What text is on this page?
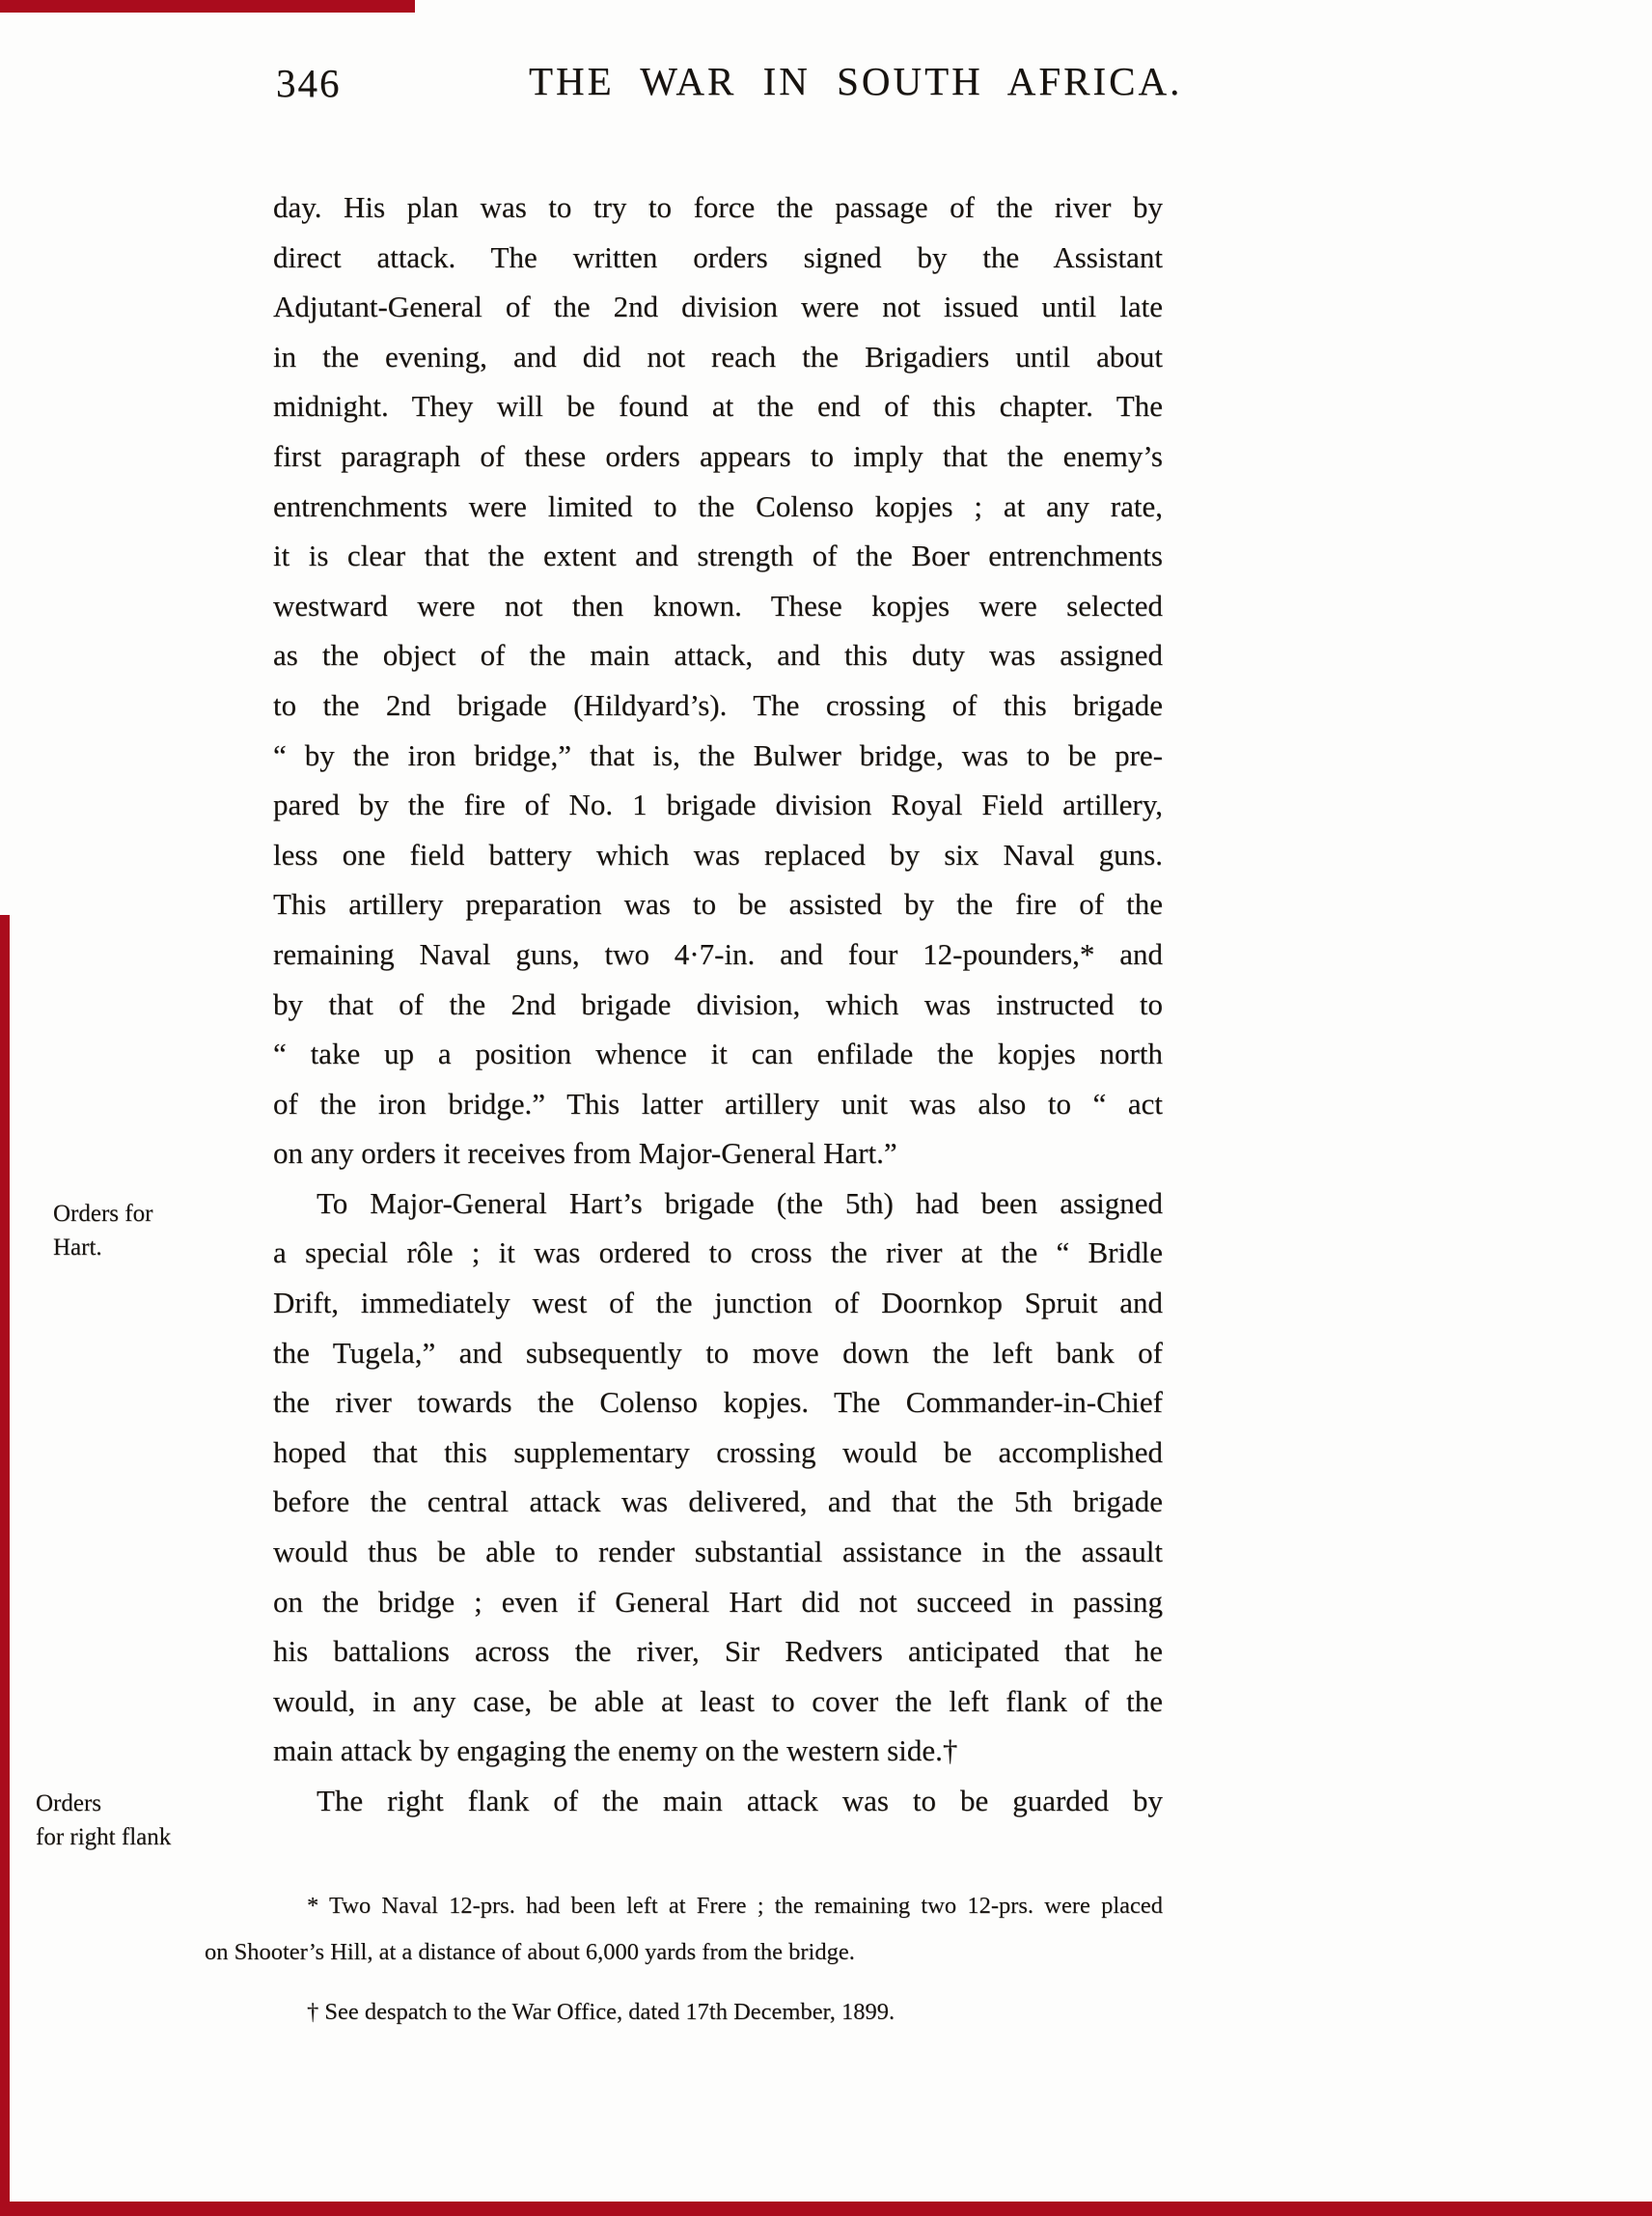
346	THE WAR IN SOUTH AFRICA.
day. His plan was to try to force the passage of the river by
direct attack. The written orders signed by the Assistant
Adjutant-General of the 2nd division were not issued until late
in the evening, and did not reach the Brigadiers until about
midnight. They will be found at the end of this chapter. The
first paragraph of these orders appears to imply that the enemy’s
entrenchments were limited to the Colenso kopjes ; at any rate,
it is clear that the extent and strength of the Boer entrenchments
westward were not then known. These kopjes were selected
as the object of the main attack, and this duty was assigned
to the 2nd brigade (Hildyard’s). The crossing of this brigade
“ by the iron bridge,” that is, the Bulwer bridge, was to be pre-
pared by the fire of No. 1 brigade division Royal Field artillery,
less one field battery which was replaced by six Naval guns.
This artillery preparation was to be assisted by the fire of the
remaining Naval guns, two 4·7-in. and four 12-pounders,* and
by that of the 2nd brigade division, which was instructed to
“ take up a position whence it can enfilade the kopjes north
of the iron bridge.” This latter artillery unit was also to “ act
on any orders it receives from Major-General Hart.”
To Major-General Hart’s brigade (the 5th) had been assigned
a special rôle ; it was ordered to cross the river at the “ Bridle
Drift, immediately west of the junction of Doornkop Spruit and
the Tugela,” and subsequently to move down the left bank of
the river towards the Colenso kopjes. The Commander-in-Chief
hoped that this supplementary crossing would be accomplished
before the central attack was delivered, and that the 5th brigade
would thus be able to render substantial assistance in the assault
on the bridge ; even if General Hart did not succeed in passing
his battalions across the river, Sir Redvers anticipated that he
would, in any case, be able at least to cover the left flank of the
main attack by engaging the enemy on the western side.†
The right flank of the main attack was to be guarded by
Orders for
Hart.
Orders
for right flank
* Two Naval 12-prs. had been left at Frere ; the remaining two 12-prs. were placed
on Shooter’s Hill, at a distance of about 6,000 yards from the bridge.
† See despatch to the War Office, dated 17th December, 1899.
